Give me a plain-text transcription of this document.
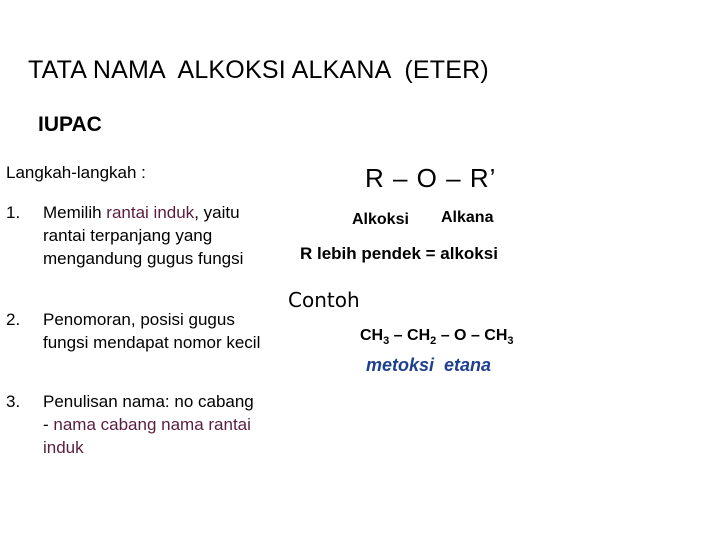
TATA NAMA  ALKOKSI ALKANA  (ETER)
IUPAC
Langkah-langkah :
1. Memilih rantai induk, yaitu rantai terpanjang yang mengandung gugus fungsi
2. Penomoran, posisi gugus fungsi mendapat nomor kecil
3. Penulisan nama: no cabang - nama cabang nama rantai induk
R – O – R’
Alkoksi Alkana
R lebih pendek = alkoksi
Contoh
$CH_3 - CH_2$ – O – $CH_3$
metoksi  etana
